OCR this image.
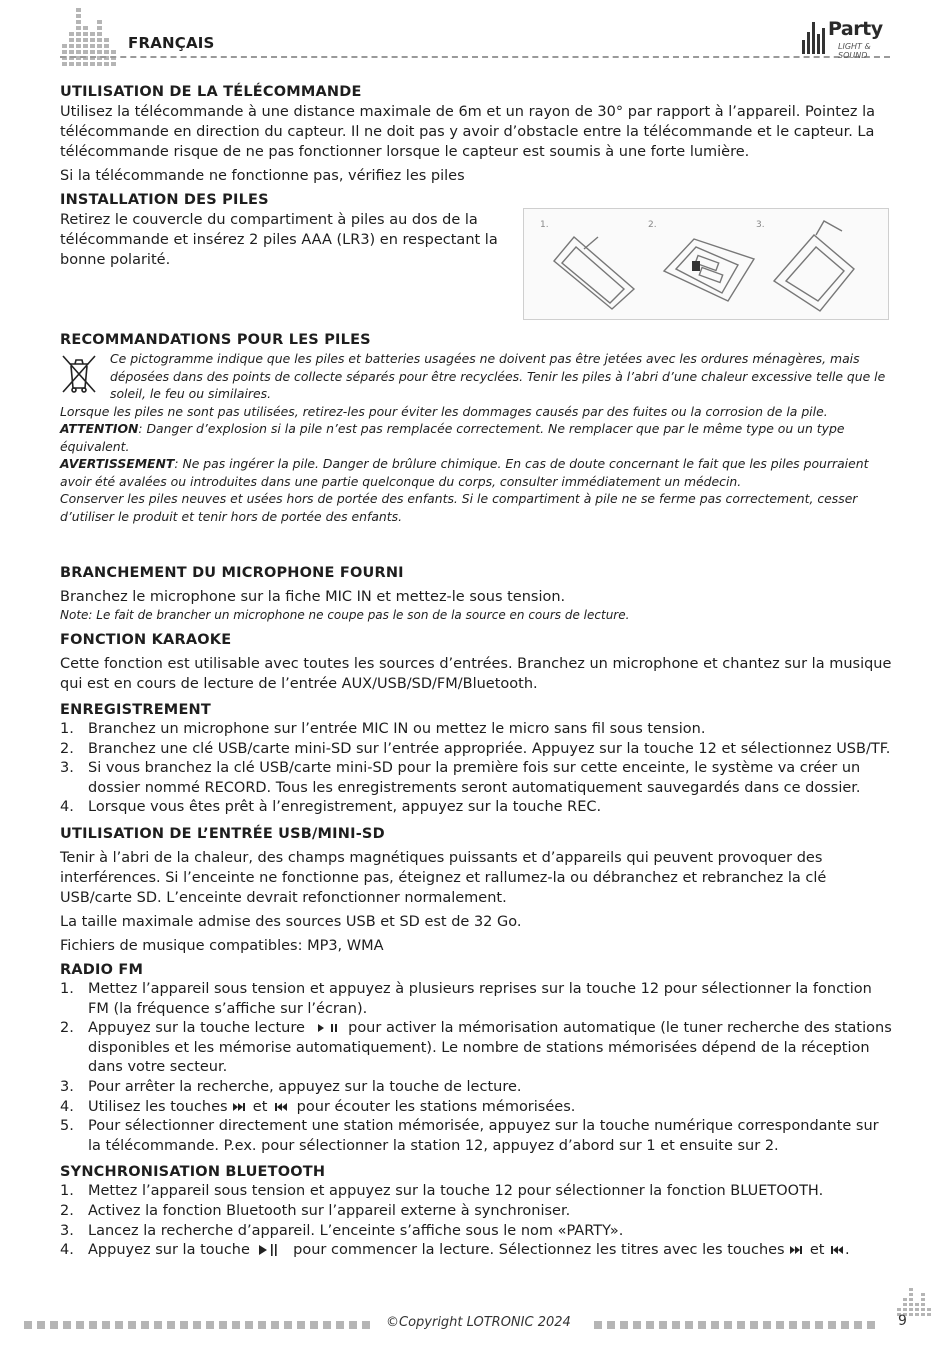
FRANÇAIS
Party
LIGHT & SOUND
UTILISATION DE LA TÉLÉCOMMANDE

Utilisez la télécommande à une distance maximale de 6m et un rayon de 30° par rapport à l’appareil. Pointez la télécommande en direction du capteur. Il ne doit pas y avoir d’obstacle entre la télécommande et le capteur. La télécommande risque de ne pas fonctionner lorsque le capteur est soumis à une forte lumière.

Si la télécommande ne fonctionne pas, vérifiez les piles

INSTALLATION DES PILES

Retirez le couvercle du compartiment à piles au dos de la télécommande et insérez 2 piles AAA (LR3) en respectant la bonne polarité.

1.	2.	3.
RECOMMANDATIONS POUR LES PILES
Ce pictogramme indique que les piles et batteries usagées ne doivent pas être jetées avec les ordures ménagères, mais déposées dans des points de collecte séparés pour être recyclées. Tenir les piles à l’abri d’une chaleur excessive telle que le soleil, le feu ou similaires.
Lorsque les piles ne sont pas utilisées, retirez-les pour éviter les dommages causés par des fuites ou la corrosion de la pile.
ATTENTION: Danger d’explosion si la pile n’est pas remplacée correctement. Ne remplacer que par le même type ou un type équivalent.
AVERTISSEMENT: Ne pas ingérer la pile. Danger de brûlure chimique. En cas de doute concernant le fait que les piles pourraient avoir été avalées ou introduites dans une partie quelconque du corps, consulter immédiatement un médecin.
Conserver les piles neuves et usées hors de portée des enfants. Si le compartiment à pile ne se ferme pas correctement, cesser d’utiliser le produit et tenir hors de portée des enfants.
BRANCHEMENT DU MICROPHONE FOURNI

Branchez le microphone sur la fiche MIC IN et mettez-le sous tension.

Note: Le fait de brancher un microphone ne coupe pas le son de la source en cours de lecture.
FONCTION KARAOKE

Cette fonction est utilisable avec toutes les sources d’entrées. Branchez un microphone et chantez sur la musique qui est en cours de lecture de l’entrée AUX/USB/SD/FM/Bluetooth.

ENREGISTREMENT
1. Branchez un microphone sur l’entrée MIC IN ou mettez le micro sans fil sous tension.
2. Branchez une clé USB/carte mini-SD sur l’entrée appropriée. Appuyez sur la touche 12 et sélectionnez USB/TF.
3. Si vous branchez la clé USB/carte mini-SD pour la première fois sur cette enceinte, le système va créer un dossier nommé RECORD. Tous les enregistrements seront automatiquement sauvegardés dans ce dossier.
4. Lorsque vous êtes prêt à l’enregistrement, appuyez sur la touche REC.
UTILISATION DE L’ENTRÉE USB/MINI-SD

Tenir à l’abri de la chaleur, des champs magnétiques puissants et d’appareils qui peuvent provoquer des interférences. Si l’enceinte ne fonctionne pas, éteignez et rallumez-la ou débranchez et rebranchez la clé USB/carte SD. L’enceinte devrait refonctionner normalement.

La taille maximale admise des sources USB et SD est de 32 Go.

Fichiers de musique compatibles: MP3, WMA

RADIO FM
1. Mettez l’appareil sous tension et appuyez à plusieurs reprises sur la touche 12 pour sélectionner la fonction FM (la fréquence s’affiche sur l’écran).
2. Appuyez sur la touche lecture	pour activer la mémorisation automatique (le tuner recherche des stations disponibles et les mémorise automatiquement). Le nombre de stations mémorisées dépend de la réception dans votre secteur.
3. Pour arrêter la recherche, appuyez sur la touche de lecture.
4. Utilisez les touches et pour écouter les stations mémorisées.
5. Pour sélectionner directement une station mémorisée, appuyez sur la touche numérique correspondante sur la télécommande. P.ex. pour sélectionner la station 12, appuyez d’abord sur 1 et ensuite sur 2.
SYNCHRONISATION BLUETOOTH
1. Mettez l’appareil sous tension et appuyez sur la touche 12 pour sélectionner la fonction BLUETOOTH.
2. Activez la fonction Bluetooth sur l’appareil externe à synchroniser.
3. Lancez la recherche d’appareil. L’enceinte s’affiche sous le nom «PARTY».
4. Appuyez sur la touche	pour commencer la lecture. Sélectionnez les titres avec les touches et .
©Copyright LOTRONIC 2024	9
